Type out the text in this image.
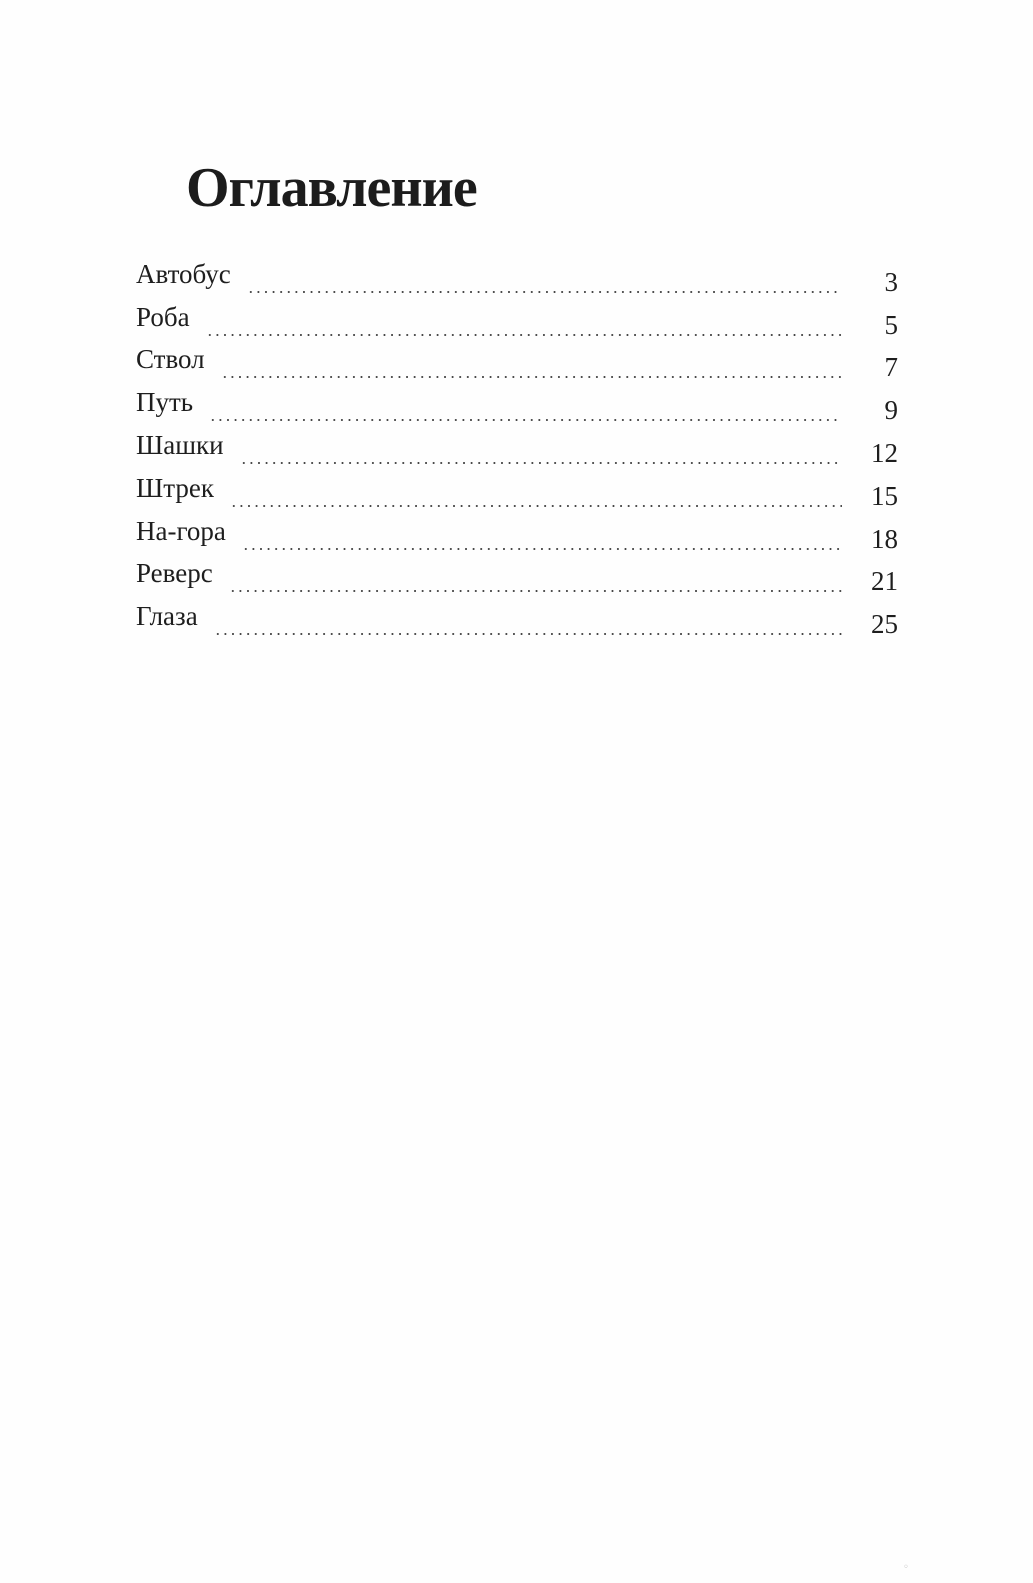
Оглавление
Автобус	3
Роба	5
Ствол	7
Путь	9
Шашки	12
Штрек	15
На-гора	18
Реверс	21
Глаза	25
◦
